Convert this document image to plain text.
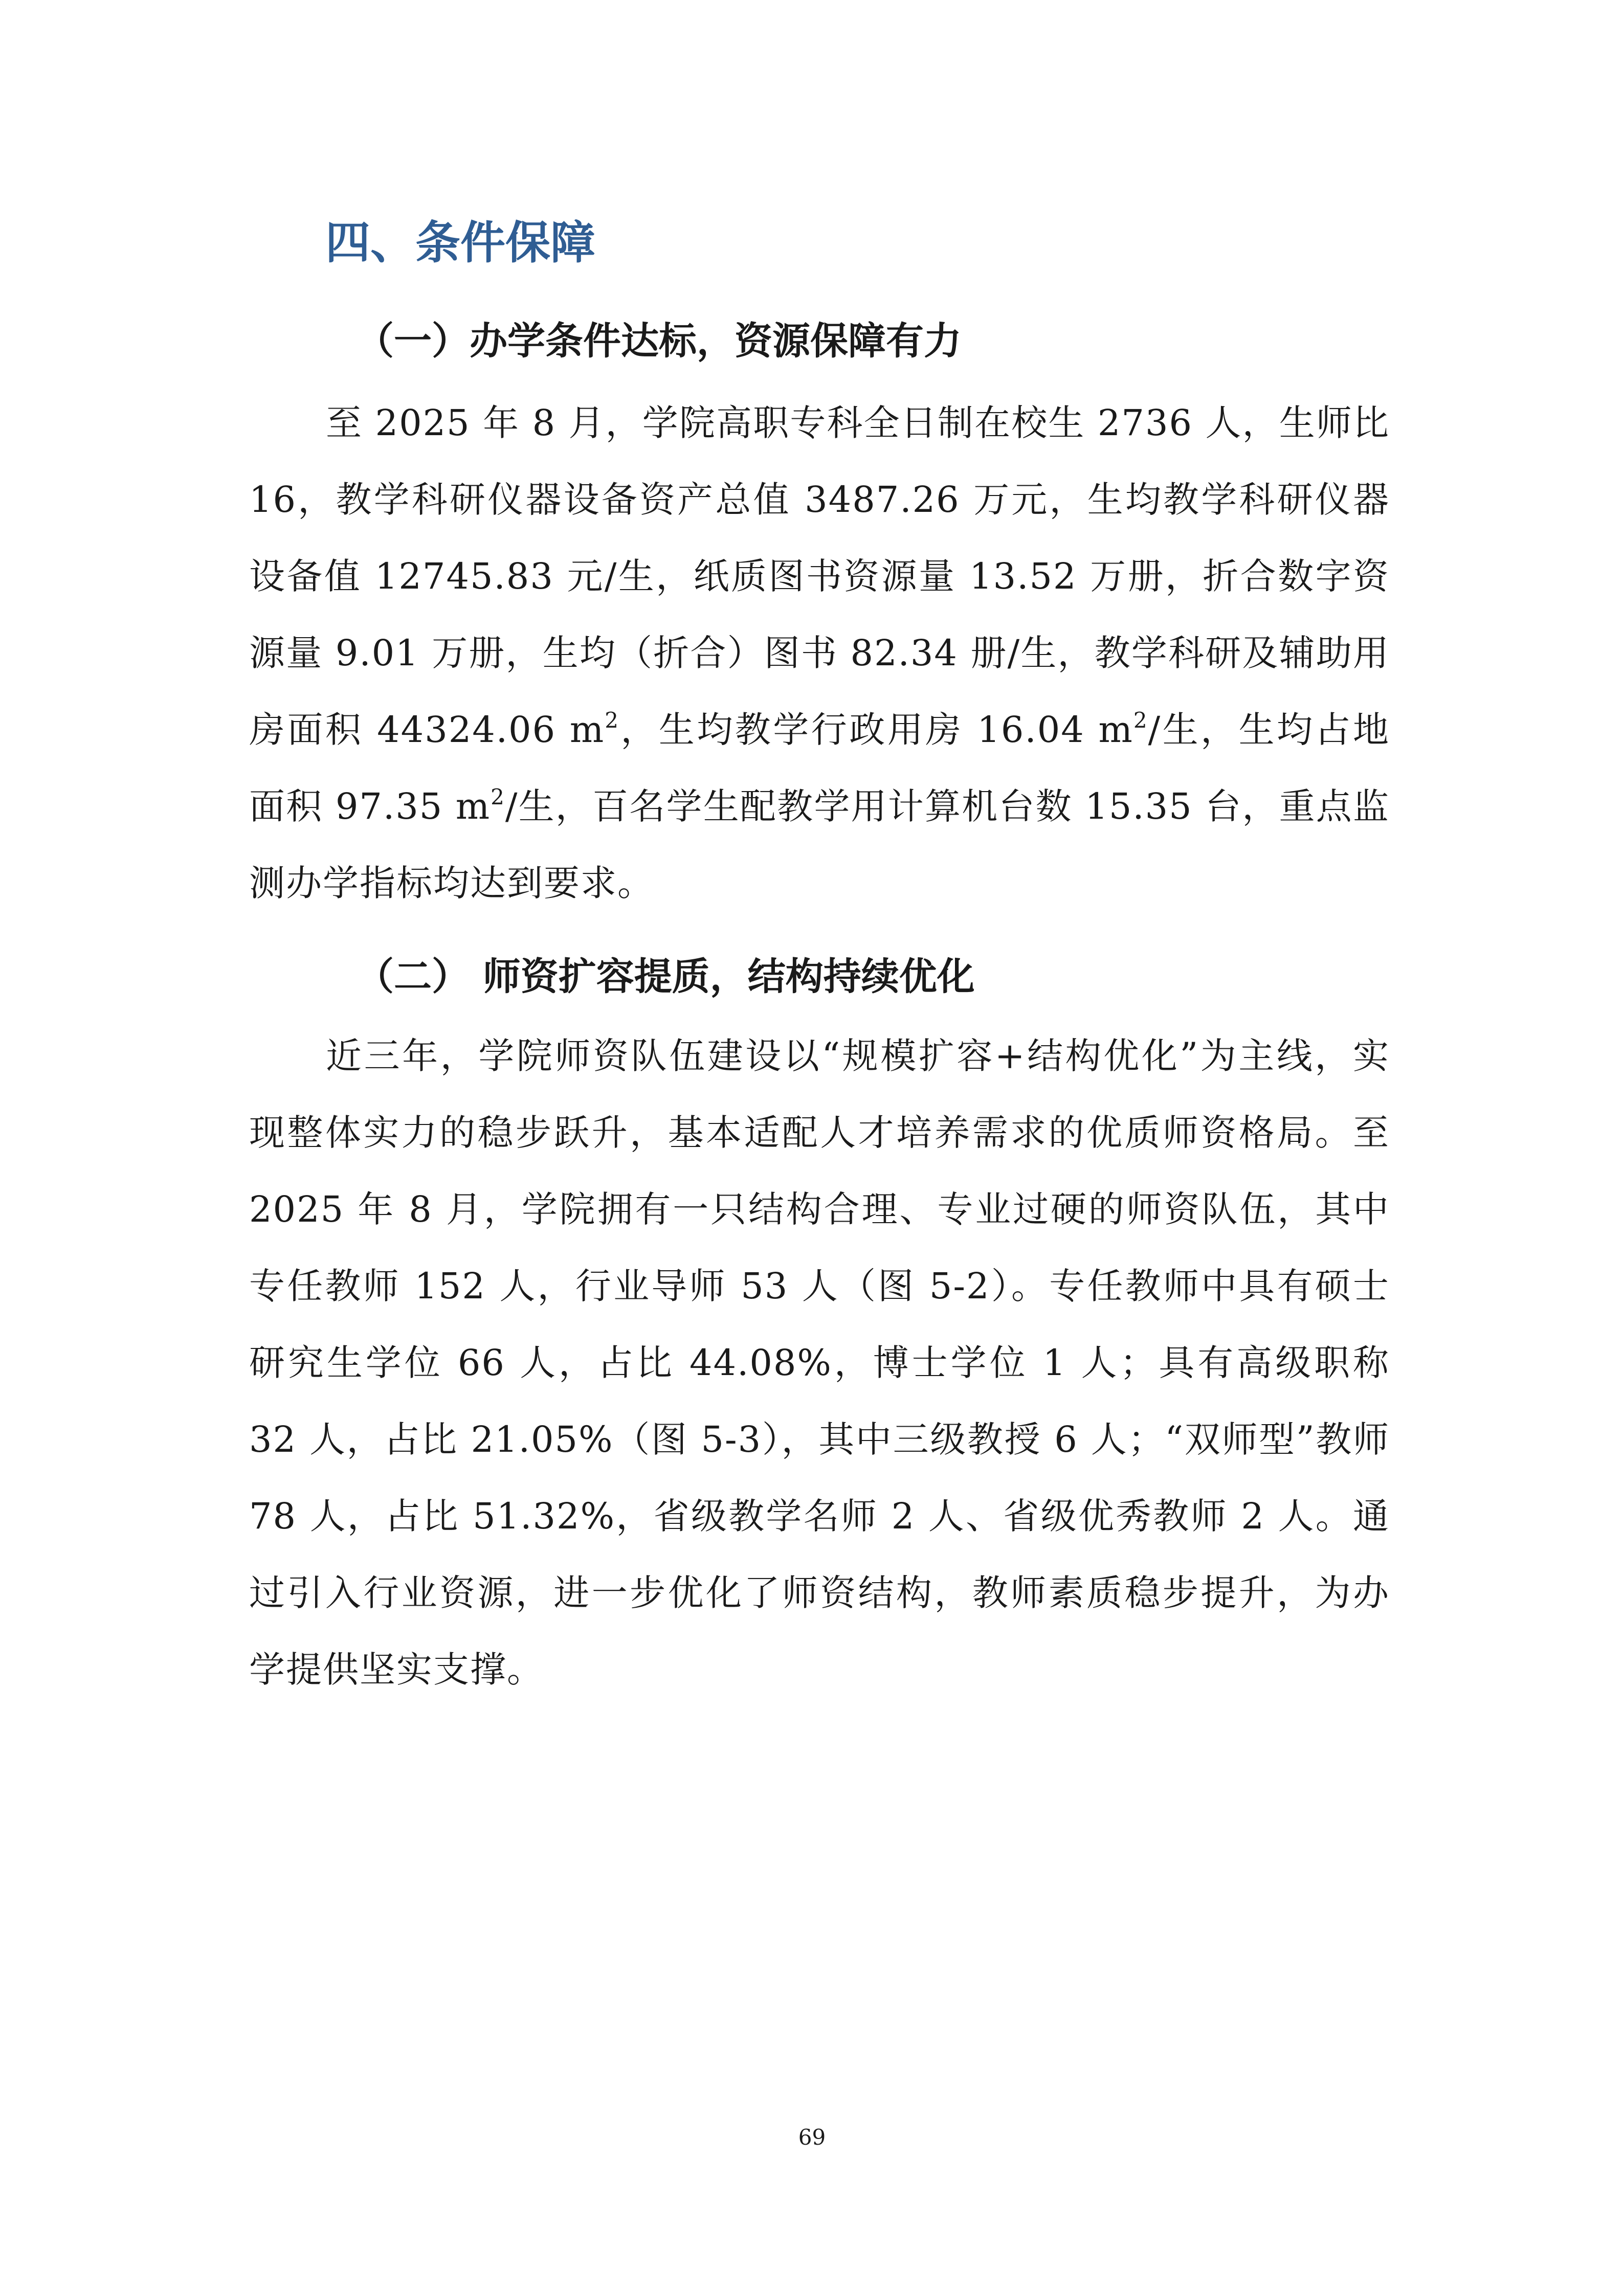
四、条件保障
（一）办学条件达标，资源保障有力

至 2025 年 8 月，学院高职专科全日制在校生 2736 人，生师比 16，教学科研仪器设备资产总值 3487.26 万元，生均教学科研仪器设备值 12745.83 元/生，纸质图书资源量 13.52 万册，折合数字资源量 9.01 万册，生均（折合）图书 82.34 册/生，教学科研及辅助用房面积 44324.06 $m^2$，生均教学行政用房 16.04 $m^2/$生，生均占地面积 97.35 $m^2/$生，百名学生配教学用计算机台数 15.35 台，重点监测办学指标均达到要求。

（二） 师资扩容提质，结构持续优化

近三年，学院师资队伍建设以“规模扩容+结构优化”为主线，实现整体实力的稳步跃升，基本适配人才培养需求的优质师资格局。至 2025 年 8 月，学院拥有一只结构合理、专业过硬的师资队伍，其中专任教师 152 人，行业导师 53 人（图 5-2）。专任教师中具有硕士研究生学位 66 人，占比 44.08%，博士学位 1 人；具有高级职称 32 人，占比 21.05%（图 5-3），其中三级教授 6 人；“双师型”教师 78 人，占比 51.32%，省级教学名师 2 人、省级优秀教师 2 人。通过引入行业资源，进一步优化了师资结构，教师素质稳步提升，为办学提供坚实支撑。

69
